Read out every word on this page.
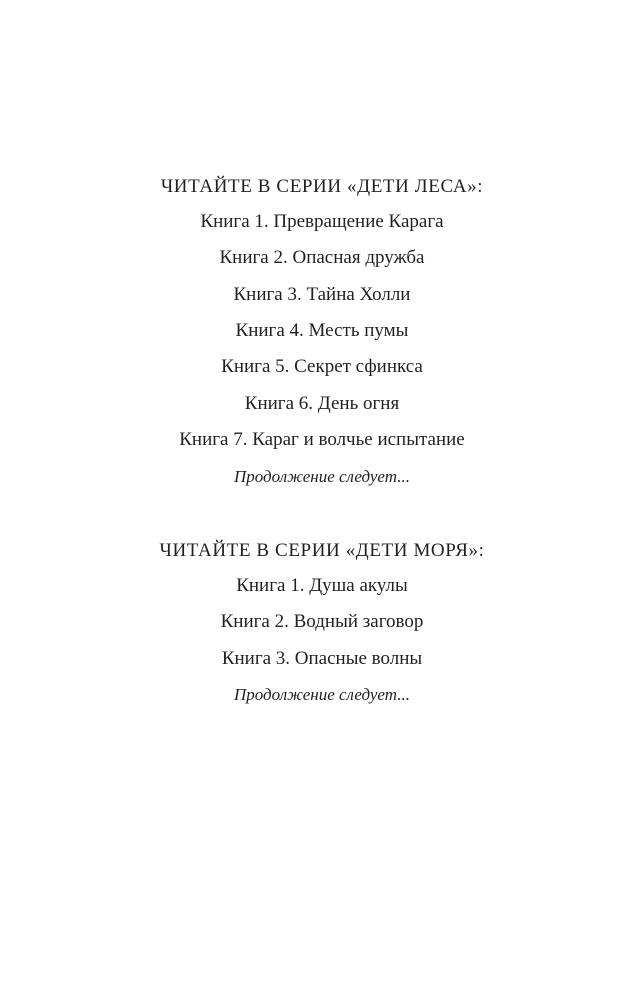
ЧИТАЙТЕ В СЕРИИ «ДЕТИ ЛЕСА»:
Книга 1. Превращение Карага
Книга 2. Опасная дружба
Книга 3. Тайна Холли
Книга 4. Месть пумы
Книга 5. Секрет сфинкса
Книга 6. День огня
Книга 7. Караг и волчье испытание
Продолжение следует...
ЧИТАЙТЕ В СЕРИИ «ДЕТИ МОРЯ»:
Книга 1. Душа акулы
Книга 2. Водный заговор
Книга 3. Опасные волны
Продолжение следует...
